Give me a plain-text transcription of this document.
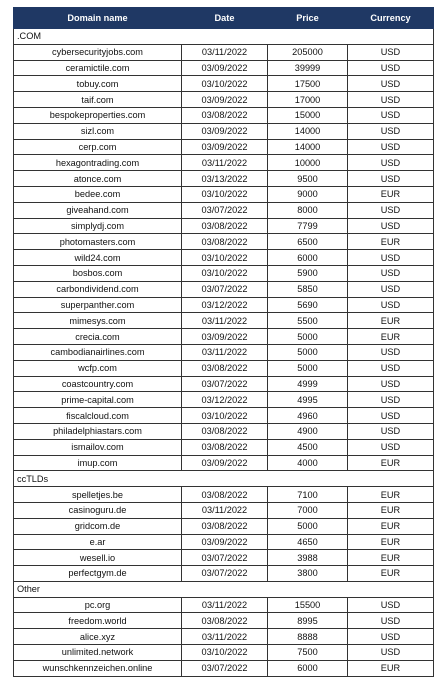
Domain name	Date	Price	Currency
.COM			
cybersecurityjobs.com	03/11/2022	205000	USD
ceramictile.com	03/09/2022	39999	USD
tobuy.com	03/10/2022	17500	USD
taif.com	03/09/2022	17000	USD
bespokeproperties.com	03/08/2022	15000	USD
sizl.com	03/09/2022	14000	USD
cerp.com	03/09/2022	14000	USD
hexagontrading.com	03/11/2022	10000	USD
atonce.com	03/13/2022	9500	USD
bedee.com	03/10/2022	9000	EUR
giveahand.com	03/07/2022	8000	USD
simplydj.com	03/08/2022	7799	USD
photomasters.com	03/08/2022	6500	EUR
wild24.com	03/10/2022	6000	USD
bosbos.com	03/10/2022	5900	USD
carbondividend.com	03/07/2022	5850	USD
superpanther.com	03/12/2022	5690	USD
mimesys.com	03/11/2022	5500	EUR
crecia.com	03/09/2022	5000	EUR
cambodianairlines.com	03/11/2022	5000	USD
wcfp.com	03/08/2022	5000	USD
coastcountry.com	03/07/2022	4999	USD
prime-capital.com	03/12/2022	4995	USD
fiscalcloud.com	03/10/2022	4960	USD
philadelphiastars.com	03/08/2022	4900	USD
ismailov.com	03/08/2022	4500	USD
imup.com	03/09/2022	4000	EUR
ccTLDs			
spelletjes.be	03/08/2022	7100	EUR
casinoguru.de	03/11/2022	7000	EUR
gridcom.de	03/08/2022	5000	EUR
e.ar	03/09/2022	4650	EUR
wesell.io	03/07/2022	3988	EUR
perfectgym.de	03/07/2022	3800	EUR
Other			
pc.org	03/11/2022	15500	USD
freedom.world	03/08/2022	8995	USD
alice.xyz	03/11/2022	8888	USD
unlimited.network	03/10/2022	7500	USD
wunschkennzeichen.online	03/07/2022	6000	EUR
